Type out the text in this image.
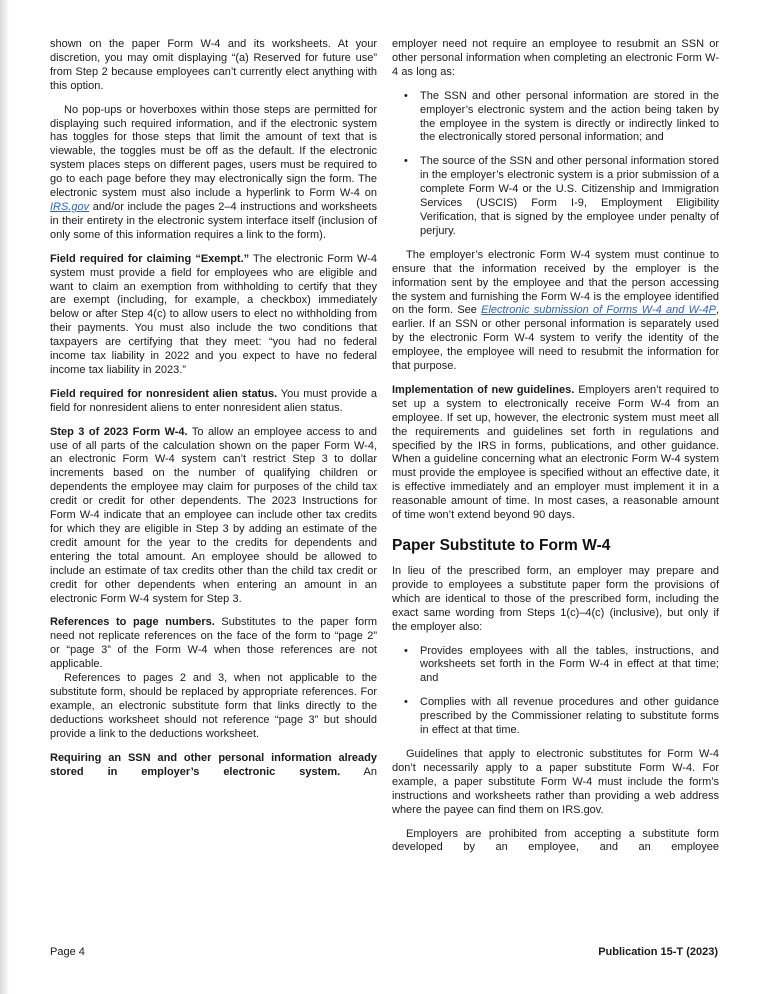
shown on the paper Form W-4 and its worksheets. At your discretion, you may omit displaying “(a) Reserved for future use” from Step 2 because employees can’t currently elect anything with this option.
No pop-ups or hoverboxes within those steps are permitted for displaying such required information, and if the electronic system has toggles for those steps that limit the amount of text that is viewable, the toggles must be off as the default. If the electronic system places steps on different pages, users must be required to go to each page before they may electronically sign the form. The electronic system must also include a hyperlink to Form W-4 on IRS.gov and/or include the pages 2–4 instructions and worksheets in their entirety in the electronic system interface itself (inclusion of only some of this information requires a link to the form).
Field required for claiming “Exempt.” The electronic Form W-4 system must provide a field for employees who are eligible and want to claim an exemption from withholding to certify that they are exempt (including, for example, a checkbox) immediately below or after Step 4(c) to allow users to elect no withholding from their payments. You must also include the two conditions that taxpayers are certifying that they meet: “you had no federal income tax liability in 2022 and you expect to have no federal income tax liability in 2023.”
Field required for nonresident alien status. You must provide a field for nonresident aliens to enter nonresident alien status.
Step 3 of 2023 Form W-4. To allow an employee access to and use of all parts of the calculation shown on the paper Form W-4, an electronic Form W-4 system can’t restrict Step 3 to dollar increments based on the number of qualifying children or dependents the employee may claim for purposes of the child tax credit or credit for other dependents. The 2023 Instructions for Form W-4 indicate that an employee can include other tax credits for which they are eligible in Step 3 by adding an estimate of the credit amount for the year to the credits for dependents and entering the total amount. An employee should be allowed to include an estimate of tax credits other than the child tax credit or credit for other dependents when entering an amount in an electronic Form W-4 system for Step 3.
References to page numbers. Substitutes to the paper form need not replicate references on the face of the form to “page 2” or “page 3” of the Form W-4 when those references are not applicable.
References to pages 2 and 3, when not applicable to the substitute form, should be replaced by appropriate references. For example, an electronic substitute form that links directly to the deductions worksheet should not reference “page 3” but should provide a link to the deductions worksheet.
Requiring an SSN and other personal information already stored in employer’s electronic system. An
employer need not require an employee to resubmit an SSN or other personal information when completing an electronic Form W-4 as long as:
•	The SSN and other personal information are stored in the employer’s electronic system and the action being taken by the employee in the system is directly or indirectly linked to the electronically stored personal information; and
•	The source of the SSN and other personal information stored in the employer’s electronic system is a prior submission of a complete Form W-4 or the U.S. Citizenship and Immigration Services (USCIS) Form I-9, Employment Eligibility Verification, that is signed by the employee under penalty of perjury.
The employer’s electronic Form W-4 system must continue to ensure that the information received by the employer is the information sent by the employee and that the person accessing the system and furnishing the Form W-4 is the employee identified on the form. See Electronic submission of Forms W-4 and W-4P, earlier. If an SSN or other personal information is separately used by the electronic Form W-4 system to verify the identity of the employee, the employee will need to resubmit the information for that purpose.
Implementation of new guidelines. Employers aren’t required to set up a system to electronically receive Form W-4 from an employee. If set up, however, the electronic system must meet all the requirements and guidelines set forth in regulations and specified by the IRS in forms, publications, and other guidance. When a guideline concerning what an electronic Form W-4 system must provide the employee is specified without an effective date, it is effective immediately and an employer must implement it in a reasonable amount of time. In most cases, a reasonable amount of time won’t extend beyond 90 days.
Paper Substitute to Form W-4
In lieu of the prescribed form, an employer may prepare and provide to employees a substitute paper form the provisions of which are identical to those of the prescribed form, including the exact same wording from Steps 1(c)–4(c) (inclusive), but only if the employer also:
•	Provides employees with all the tables, instructions, and worksheets set forth in the Form W-4 in effect at that time; and
•	Complies with all revenue procedures and other guidance prescribed by the Commissioner relating to substitute forms in effect at that time.
Guidelines that apply to electronic substitutes for Form W-4 don’t necessarily apply to a paper substitute Form W-4. For example, a paper substitute Form W-4 must include the form’s instructions and worksheets rather than providing a web address where the payee can find them on IRS.gov.
Employers are prohibited from accepting a substitute form developed by an employee, and an employee
Page 4	Publication 15-T (2023)
